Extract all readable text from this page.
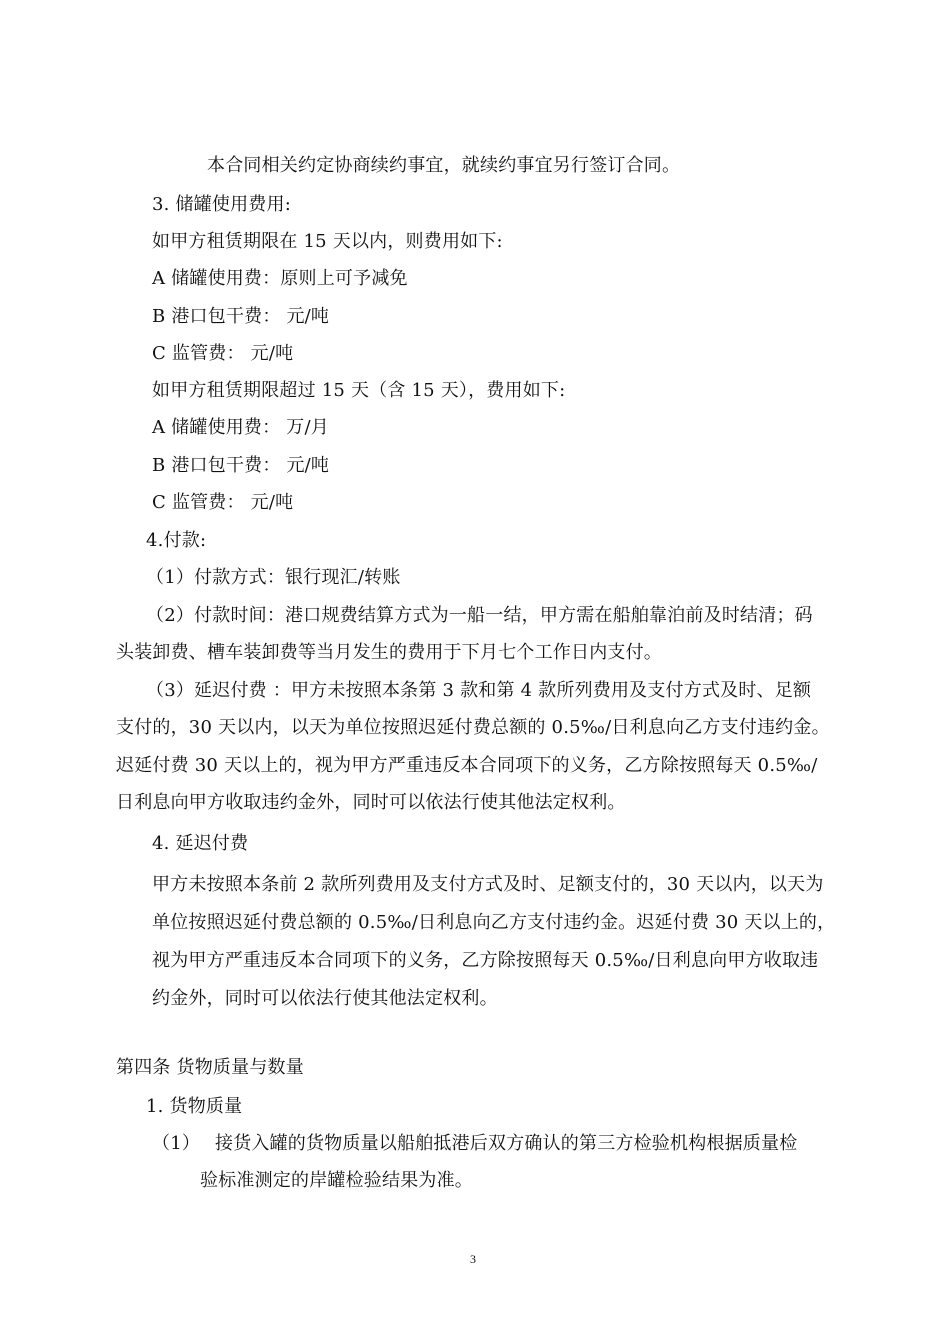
本合同相关约定协商续约事宜，就续约事宜另行签订合同。
3. 储罐使用费用:
如甲方租赁期限在 15 天以内，则费用如下:
A 储罐使用费：原则上可予减免
B 港口包干费： 元/吨
C 监管费： 元/吨
如甲方租赁期限超过 15 天（含 15 天），费用如下:
A 储罐使用费： 万/月
B 港口包干费： 元/吨
C 监管费： 元/吨
4.付款:
（1）付款方式：银行现汇/转账
（2）付款时间：港口规费结算方式为一船一结，甲方需在船舶靠泊前及时结清；码
头装卸费、槽车装卸费等当月发生的费用于下月七个工作日内支付。
（3）延迟付费 ：甲方未按照本条第 3 款和第 4 款所列费用及支付方式及时、足额
支付的，30 天以内，以天为单位按照迟延付费总额的 0.5‰/日利息向乙方支付违约金。
迟延付费 30 天以上的，视为甲方严重违反本合同项下的义务，乙方除按照每天 0.5‰/
日利息向甲方收取违约金外，同时可以依法行使其他法定权利。
4. 延迟付费
甲方未按照本条前 2 款所列费用及支付方式及时、足额支付的，30 天以内，以天为
单位按照迟延付费总额的 0.5‰/日利息向乙方支付违约金。迟延付费 30 天以上的，
视为甲方严重违反本合同项下的义务，乙方除按照每天 0.5‰/日利息向甲方收取违
约金外，同时可以依法行使其他法定权利。
第四条 货物质量与数量
1. 货物质量
（1） 接货入罐的货物质量以船舶抵港后双方确认的第三方检验机构根据质量检
验标准测定的岸罐检验结果为准。
3
